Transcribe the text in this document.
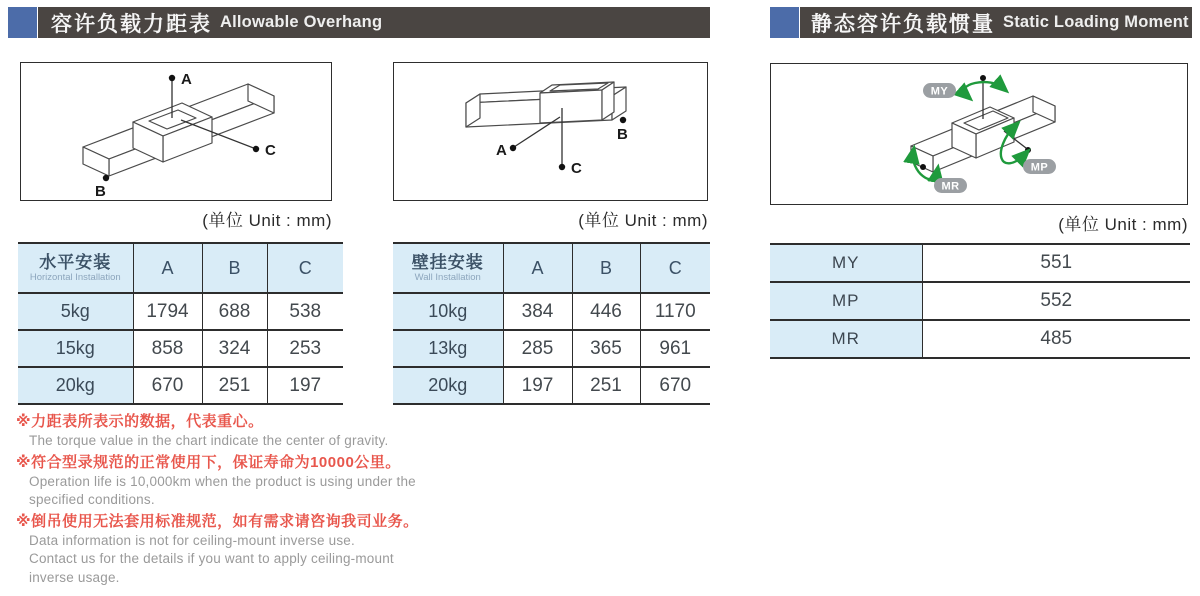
容许负载力距表 Allowable Overhang	静态容许负载惯量 Static Loading Moment
A
C
B
(单位 Unit : mm)
A
B
C
(单位 Unit : mm)
MY
MP
MR
(单位 Unit : mm)
水平安装
Horizontal Installation	A	B	C
5kg	1794	688	538
15kg	858	324	253
20kg	670	251	197
壁挂安装
Wall Installation	A	B	C
10kg	384	446	1170
13kg	285	365	961
20kg	197	251	670
MY	551
MP	552
MR	485
※力距表所表示的数据，代表重心。
The torque value in the chart indicate the center of gravity.
※符合型录规范的正常使用下，保证寿命为10000公里。
Operation life is 10,000km when the product is using under the
specified conditions.
※倒吊使用无法套用标准规范，如有需求请咨询我司业务。
Data information is not for ceiling-mount inverse use.
Contact us for the details if you want to apply ceiling-mount
inverse usage.
